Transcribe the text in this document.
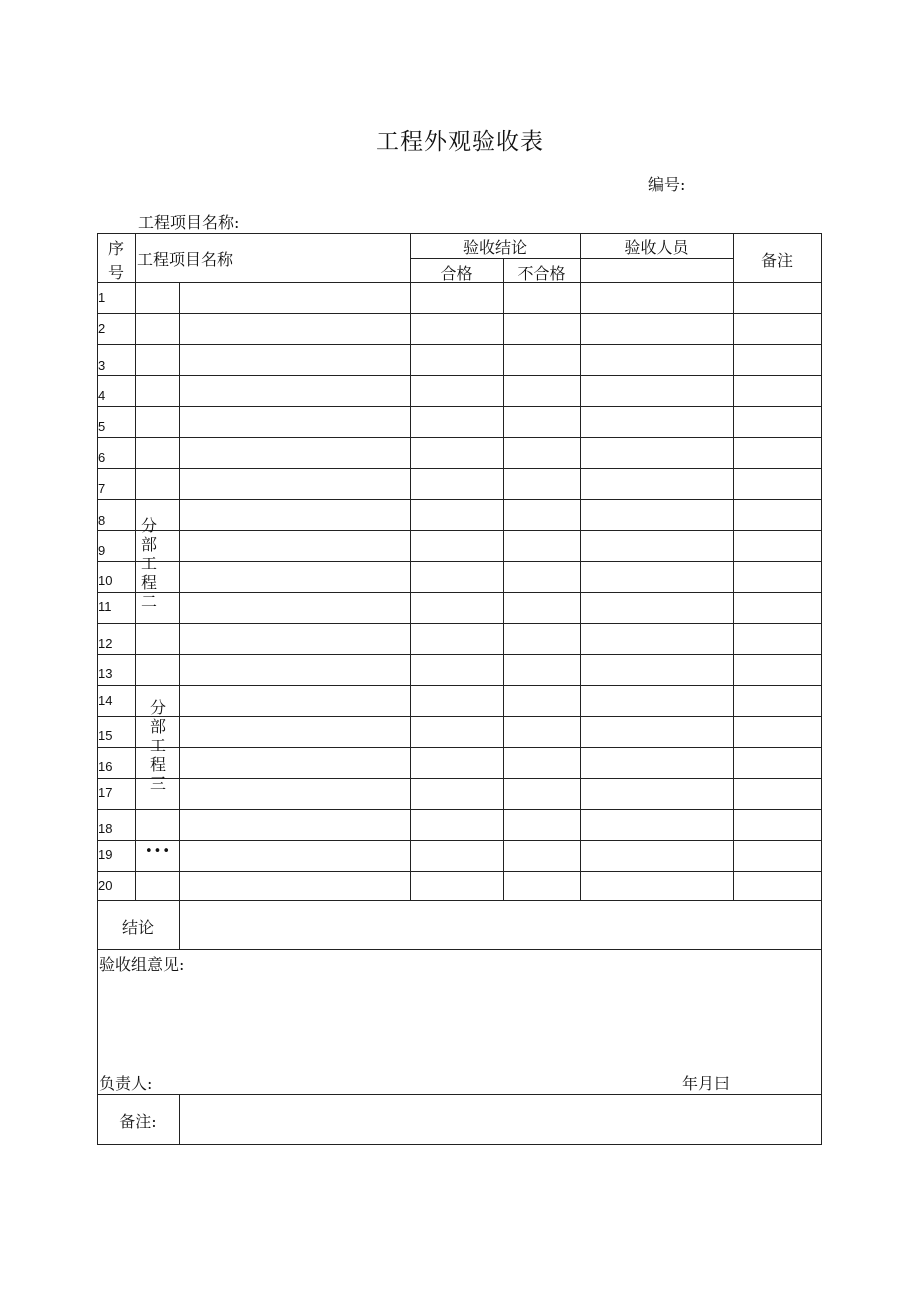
工程外观验收表
编号:
工程项目名称:
序
号
工程项目名称
验收结论
合格	不合格
验收人员
备注
1
2
3
4
5
6
7
8
9
10
11
12
13
14
15
16
17
18
19
20
分部工程二
分部工程三
•••
结论
验收组意见:
负责人:	年月曰
备注:
